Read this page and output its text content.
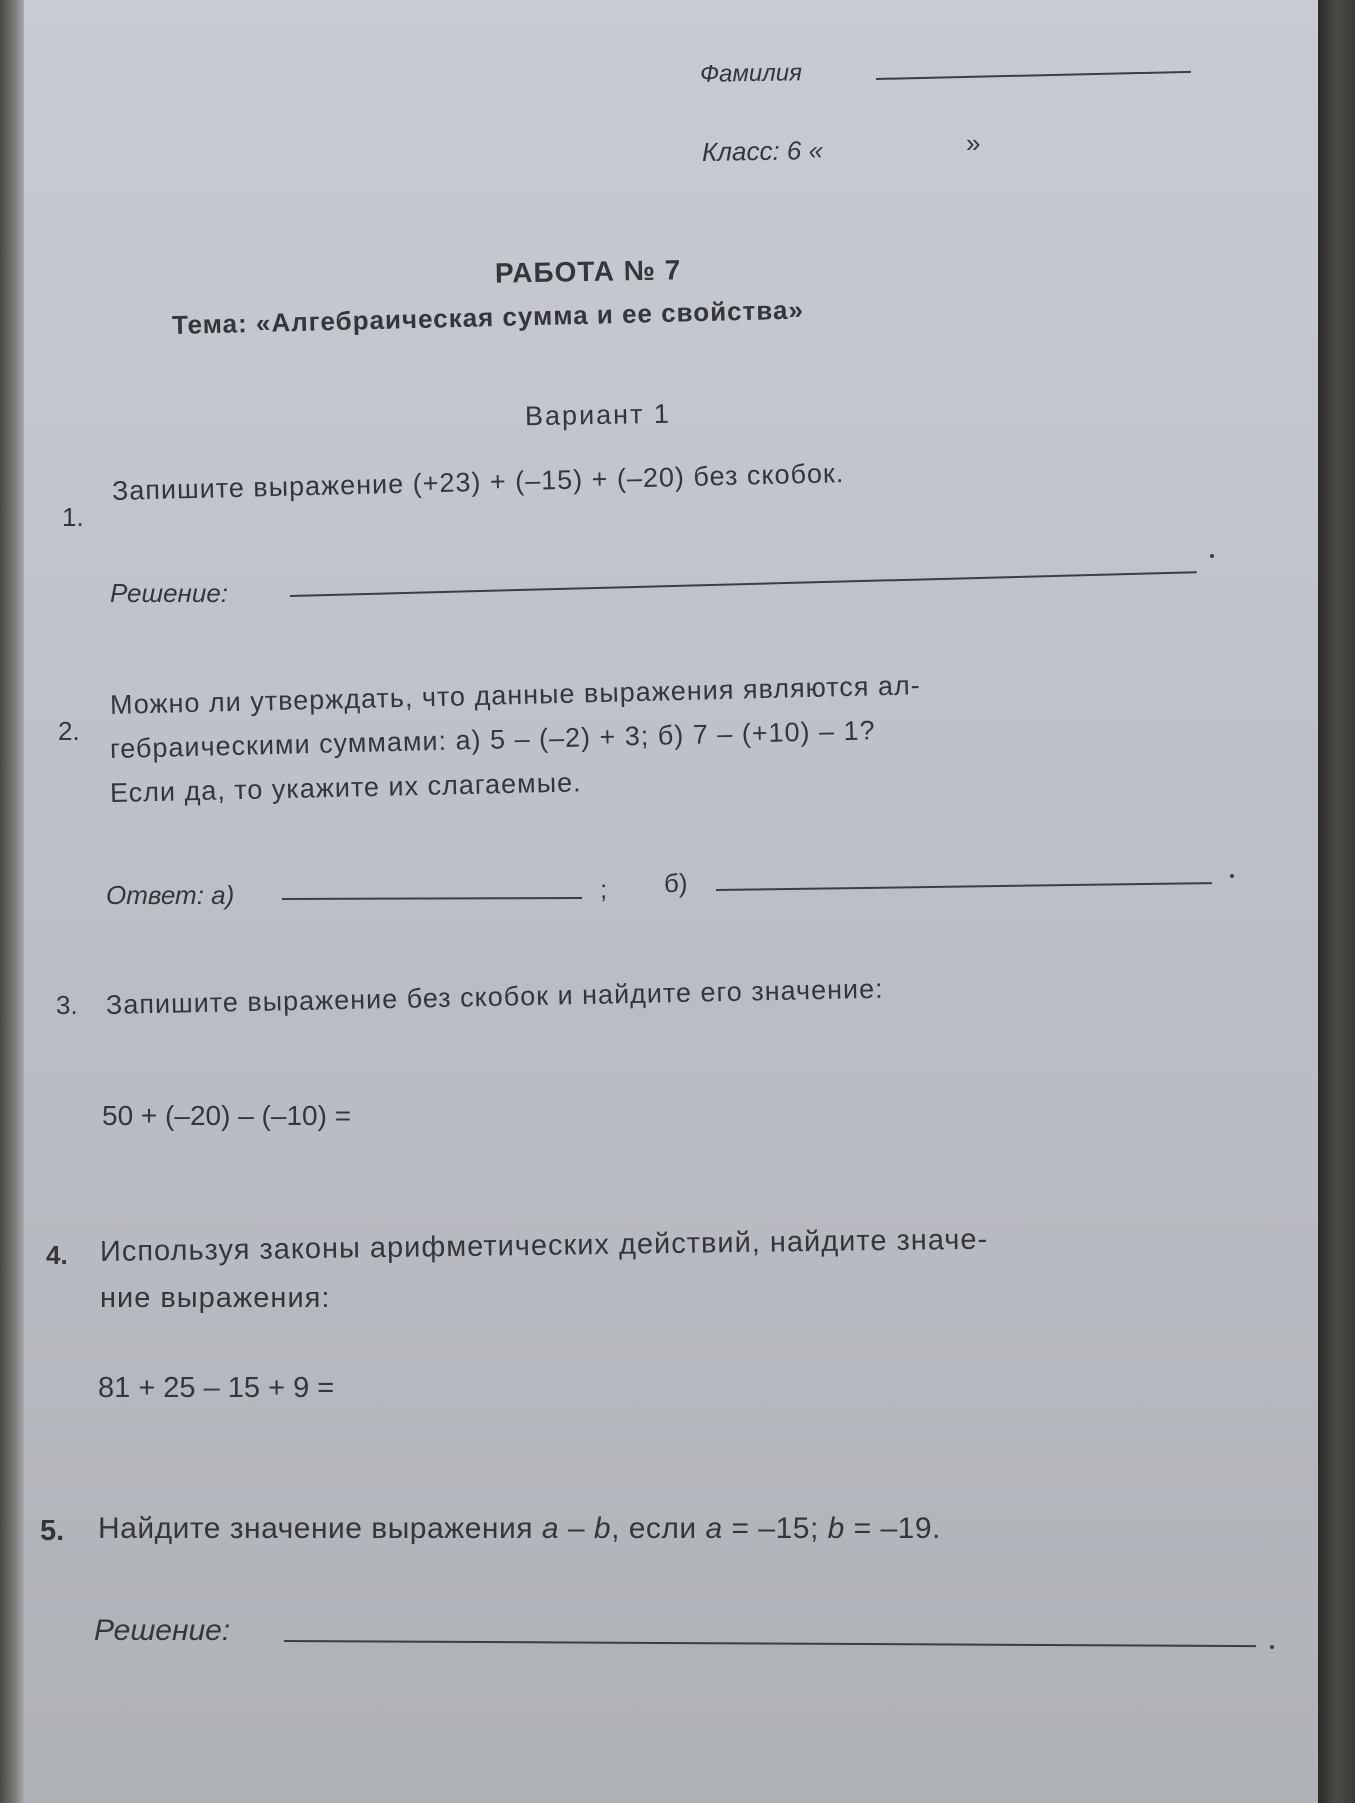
Фамилия
Класс: 6 «	»
РАБОТА № 7
Тема: «Алгебраическая сумма и ее свойства»
Вариант 1
1.
Запишите выражение (+23) + (–15) + (–20) без скобок.
Решение:
2.
Можно ли утверждать, что данные выражения являются ал-
гебраическими суммами: а) 5 – (–2) + 3; б) 7 – (+10) – 1?
Если да, то укажите их слагаемые.
Ответ: а)	; б)
3. Запишите выражение без скобок и найдите его значение:
50 + (–20) – (–10) =
4. Используя законы арифметических действий, найдите значе-
ние выражения:
81 + 25 – 15 + 9 =
5. Найдите значение выражения a – b, если a = –15; b = –19.
Решение:
